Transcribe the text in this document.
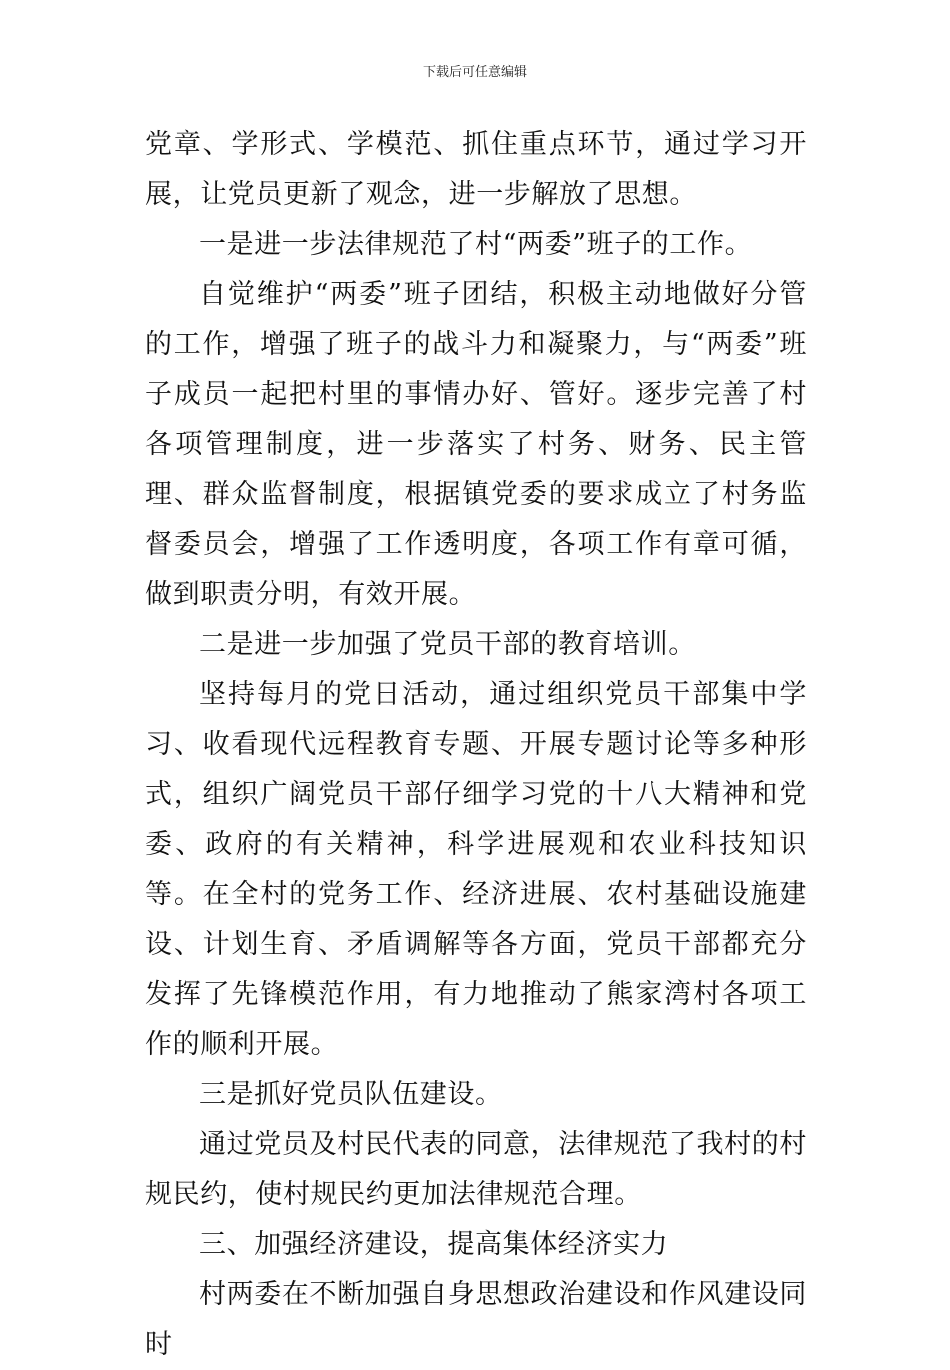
下载后可任意编辑

党章、学形式、学模范、抓住重点环节，通过学习开展，让党员更新了观念，进一步解放了思想。

一是进一步法律规范了村“两委”班子的工作。

自觉维护“两委”班子团结，积极主动地做好分管的工作，增强了班子的战斗力和凝聚力，与“两委”班子成员一起把村里的事情办好、管好。逐步完善了村各项管理制度，进一步落实了村务、财务、民主管理、群众监督制度，根据镇党委的要求成立了村务监督委员会，增强了工作透明度，各项工作有章可循，做到职责分明，有效开展。

二是进一步加强了党员干部的教育培训。

坚持每月的党日活动，通过组织党员干部集中学习、收看现代远程教育专题、开展专题讨论等多种形式，组织广阔党员干部仔细学习党的十八大精神和党委、政府的有关精神，科学进展观和农业科技知识等。在全村的党务工作、经济进展、农村基础设施建设、计划生育、矛盾调解等各方面，党员干部都充分发挥了先锋模范作用，有力地推动了熊家湾村各项工作的顺利开展。

三是抓好党员队伍建设。

通过党员及村民代表的同意，法律规范了我村的村规民约，使村规民约更加法律规范合理。

三、加强经济建设，提高集体经济实力

村两委在不断加强自身思想政治建设和作风建设同时
